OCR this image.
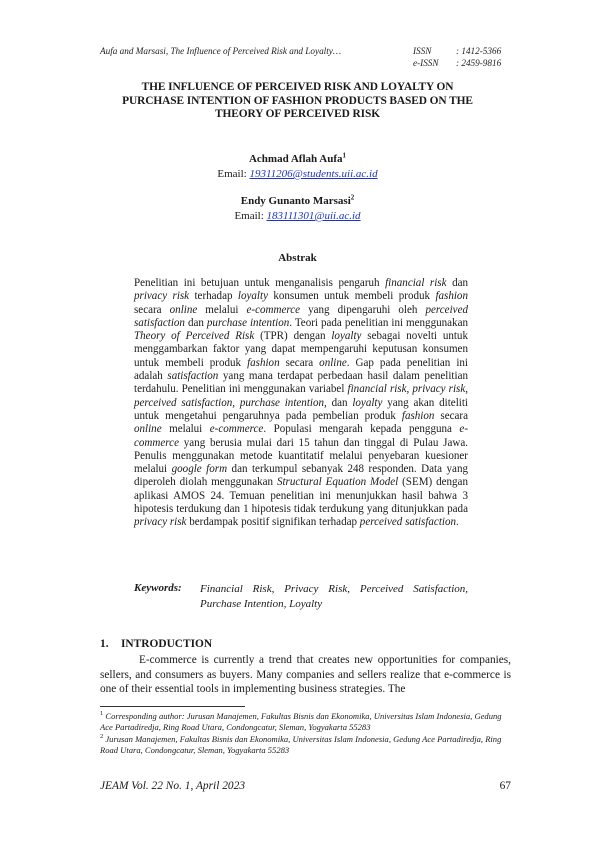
Aufa and Marsasi, The Influence of Perceived Risk and Loyalty…	ISSN	: 1412-5366
e-ISSN : 2459-9816
THE INFLUENCE OF PERCEIVED RISK AND LOYALTY ON
PURCHASE INTENTION OF FASHION PRODUCTS BASED ON THE
THEORY OF PERCEIVED RISK
Achmad Aflah Aufa$^1$
Email: 19311206@students.uii.ac.id
Endy Gunanto Marsasi$^2$
Email: 183111301@uii.ac.id
Abstrak
Penelitian ini betujuan untuk menganalisis pengaruh financial risk dan privacy risk terhadap loyalty konsumen untuk membeli produk fashion secara online melalui e-commerce yang dipengaruhi oleh perceived satisfaction dan purchase intention. Teori pada penelitian ini menggunakan Theory of Perceived Risk (TPR) dengan loyalty sebagai novelti untuk menggambarkan faktor yang dapat mempengaruhi keputusan konsumen untuk membeli produk fashion secara online. Gap pada penelitian ini adalah satisfaction yang mana terdapat perbedaan hasil dalam penelitian terdahulu. Penelitian ini menggunakan variabel financial risk, privacy risk, perceived satisfaction, purchase intention, dan loyalty yang akan diteliti untuk mengetahui pengaruhnya pada pembelian produk fashion secara online melalui e-commerce. Populasi mengarah kepada pengguna e-commerce yang berusia mulai dari 15 tahun dan tinggal di Pulau Jawa. Penulis menggunakan metode kuantitatif melalui penyebaran kuesioner melalui google form dan terkumpul sebanyak 248 responden. Data yang diperoleh diolah menggunakan Structural Equation Model (SEM) dengan aplikasi AMOS 24. Temuan penelitian ini menunjukkan hasil bahwa 3 hipotesis terdukung dan 1 hipotesis tidak terdukung yang ditunjukkan pada privacy risk berdampak positif signifikan terhadap perceived satisfaction.
Keywords: Financial Risk, Privacy Risk, Perceived Satisfaction, Purchase Intention, Loyalty
1. INTRODUCTION
E-commerce is currently a trend that creates new opportunities for companies, sellers, and consumers as buyers. Many companies and sellers realize that e-commerce is one of their essential tools in implementing business strategies. The
$^1$ Corresponding author: Jurusan Manajemen, Fakultas Bisnis dan Ekonomika, Universitas Islam Indonesia, Gedung Ace Partadiredja, Ring Road Utara, Condongcatur, Sleman, Yogyakarta 55283
$^2$ Jurusan Manajemen, Fakultas Bisnis dan Ekonomika, Universitas Islam Indonesia, Gedung Ace Partadiredja, Ring Road Utara, Condongcatur, Sleman, Yogyakarta 55283
JEAM Vol. 22 No. 1, April 2023	67
